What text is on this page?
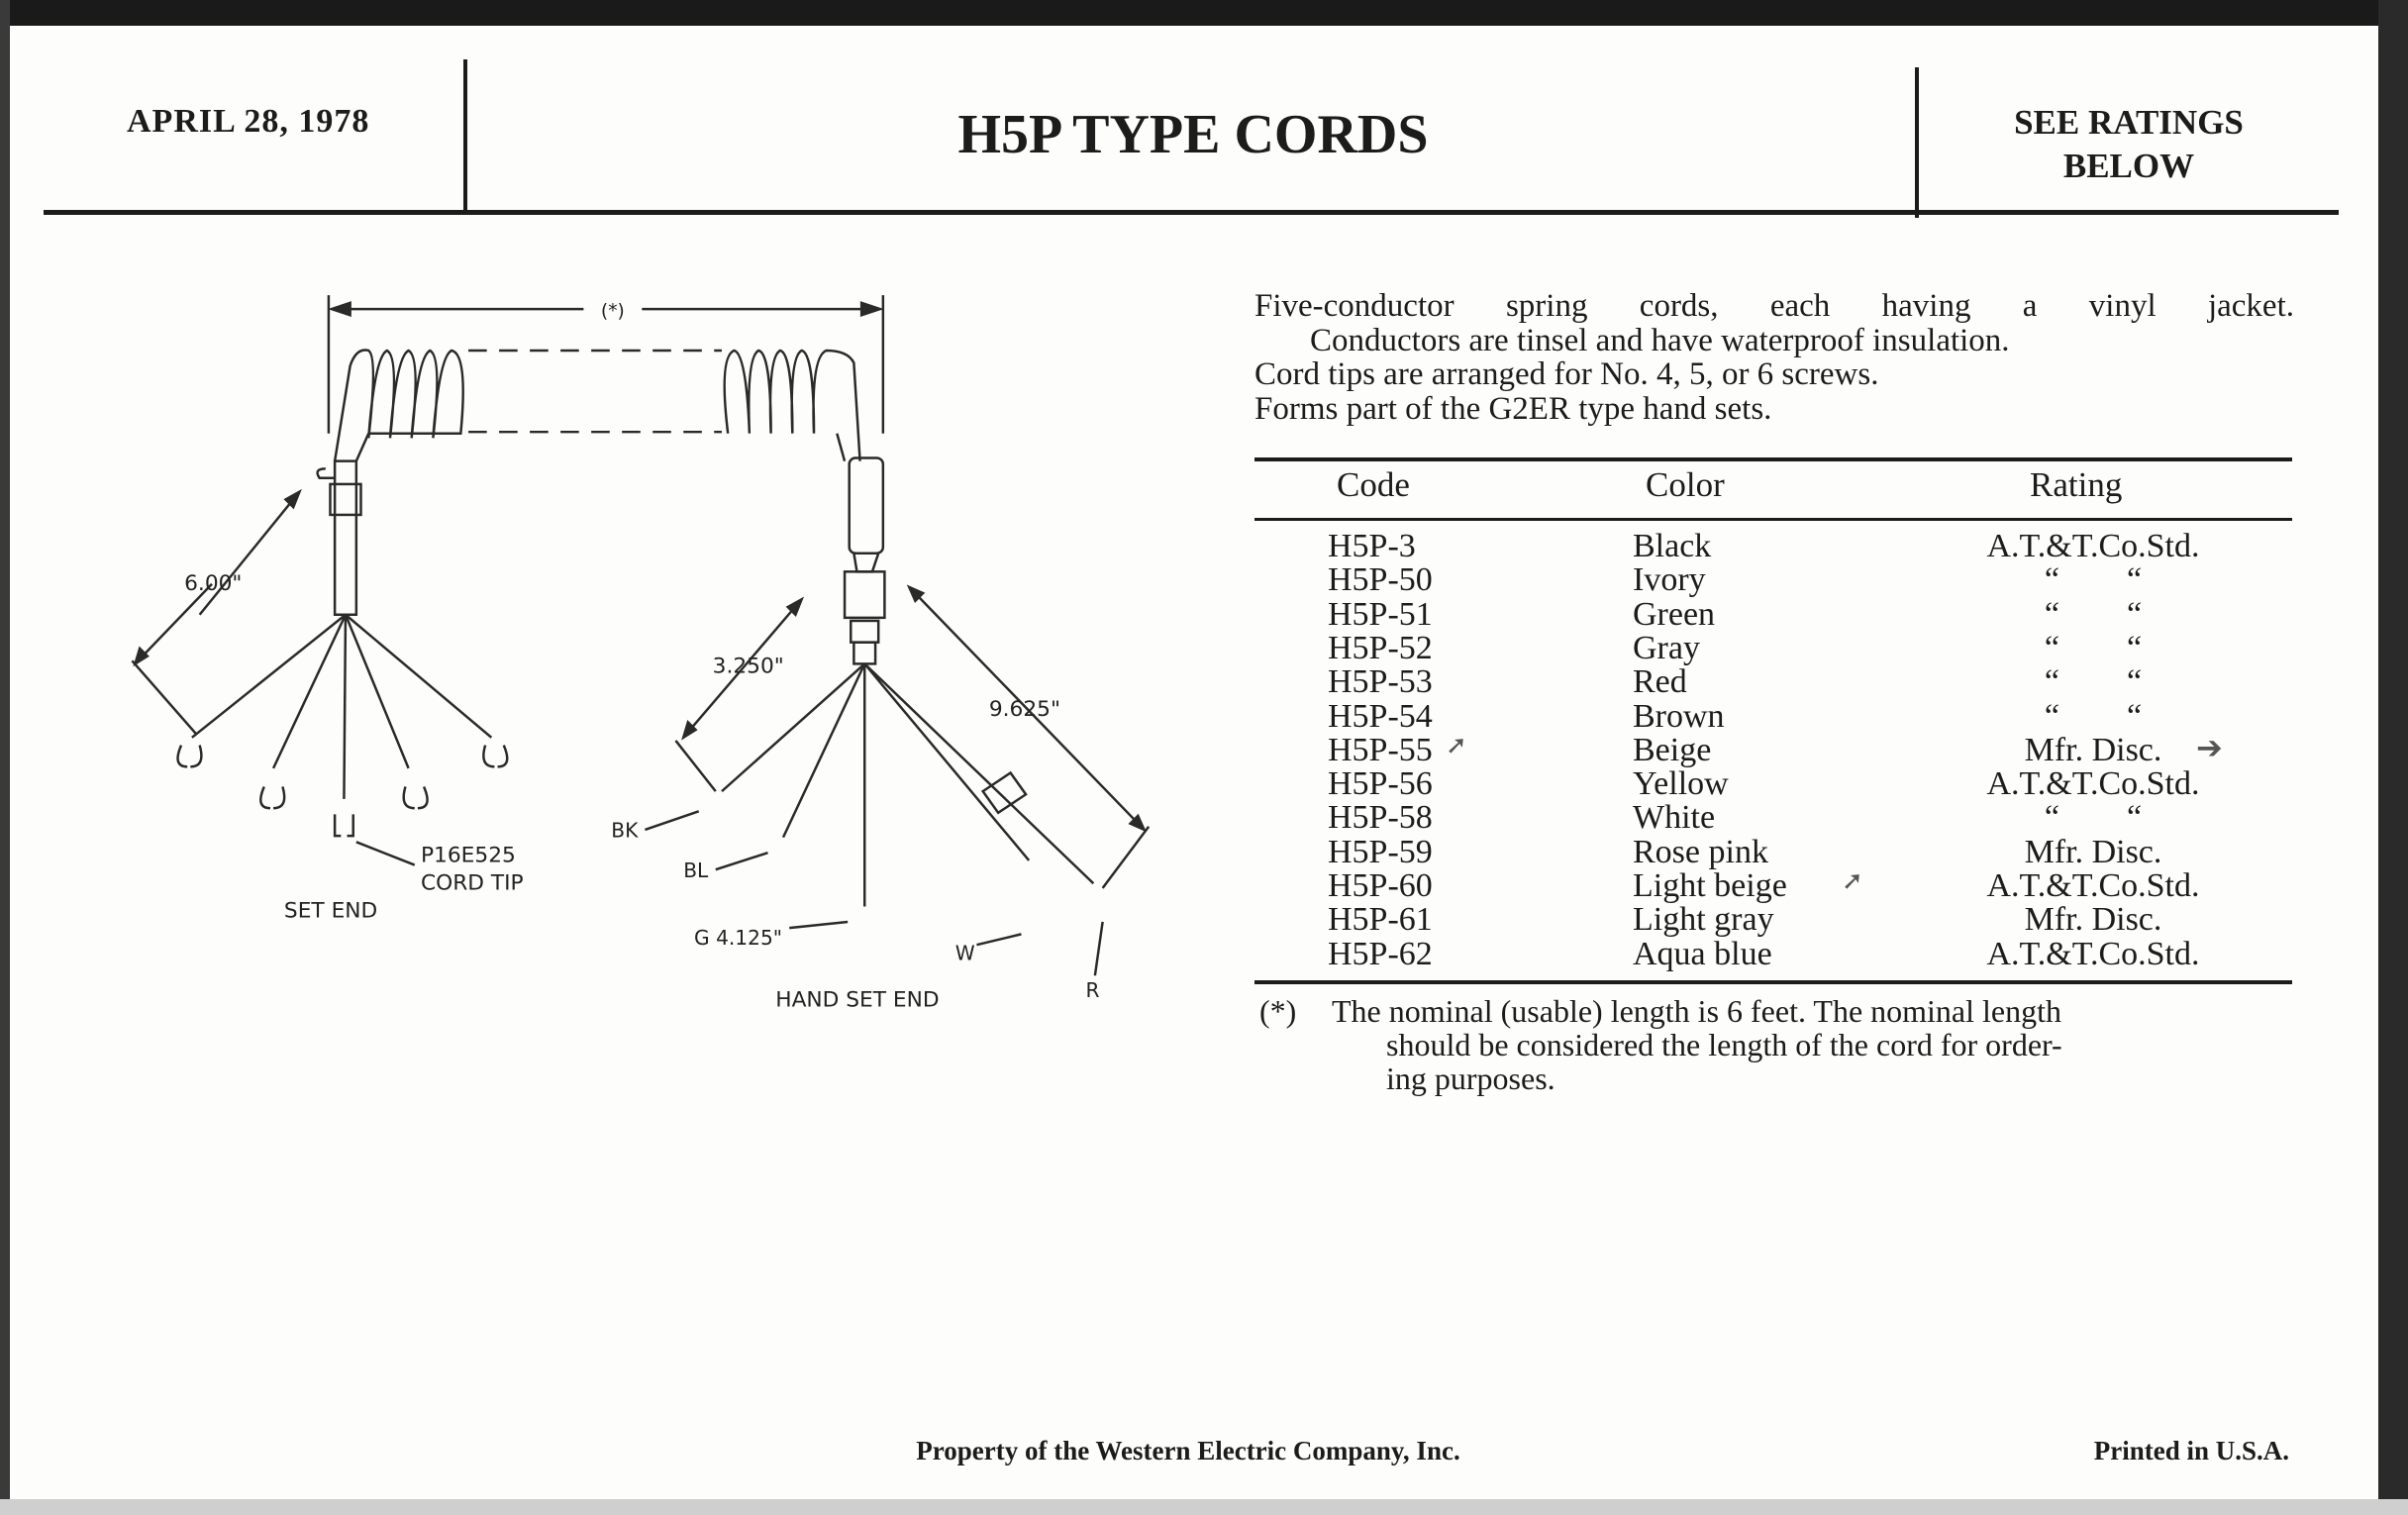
APRIL 28, 1978	H5P TYPE CORDS	SEE RATINGS
BELOW
(*)
6.00"
P16E525
CORD TIP
SET END
3.250"
9.625"
BK
BL
G 4.125"
W
R
HAND SET END
Five-conductor spring cords, each having a vinyl jacket.
Conductors are tinsel and have waterproof insulation.
Cord tips are arranged for No. 4, 5, or 6 screws.
Forms part of the G2ER type hand sets.
Code	Color	Rating
H5P-3	Black	A.T.&T.Co.Std.
H5P-50	Ivory	“        “
H5P-51	Green	“        “
H5P-52	Gray	“        “
H5P-53	Red	“        “
H5P-54	Brown	“        “
H5P-55	Beige	Mfr. Disc.
H5P-56	Yellow	A.T.&T.Co.Std.
H5P-58	White	“        “
H5P-59	Rose pink	Mfr. Disc.
H5P-60	Light beige	A.T.&T.Co.Std.
H5P-61	Light gray	Mfr. Disc.
H5P-62	Aqua blue	A.T.&T.Co.Std.
➚	➔
➚
(*) The nominal (usable) length is 6 feet. The nominal length
should be considered the length of the cord for order-
ing purposes.
Property of the Western Electric Company, Inc.	Printed in U.S.A.
